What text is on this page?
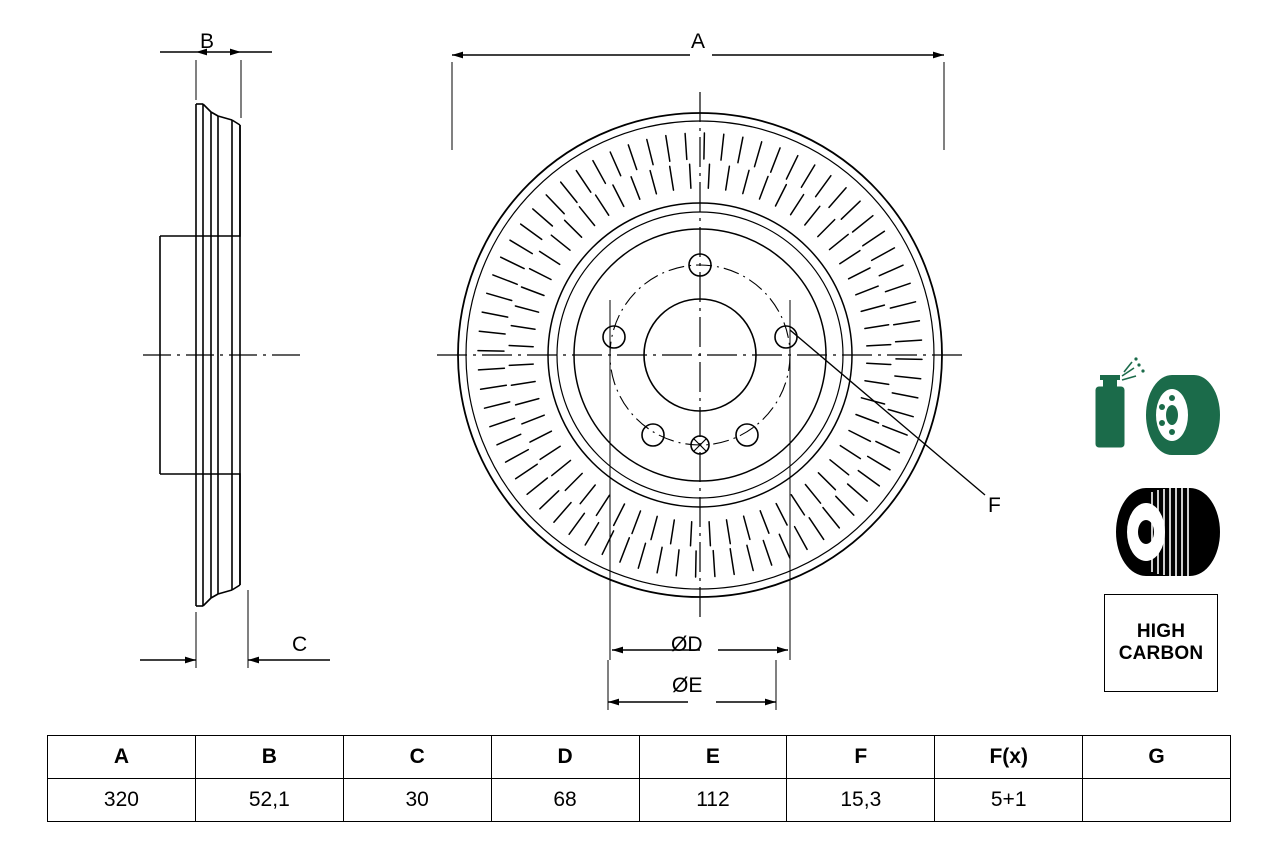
B
C
A
ØD
ØE
F
HIGH
CARBON
A	B	C	D	E	F	F(x)	G
320	52,1	30	68	112	15,3	5+1	
